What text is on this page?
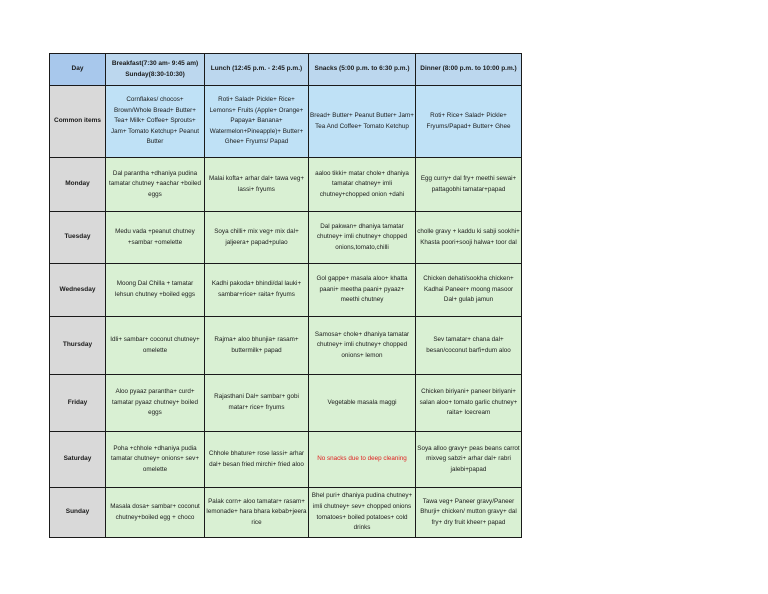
Day	Breakfast(7:30 am- 9:45 am) Sunday(8:30-10:30)	Lunch (12:45 p.m. - 2:45 p.m.)	Snacks (5:00 p.m. to 6:30 p.m.)	Dinner (8:00 p.m. to 10:00 p.m.)
Common items	Cornflakes/ chocos+ Brown/Whole Bread+ Butter+ Tea+ Milk+ Coffee+ Sprouts+ Jam+ Tomato Ketchup+ Peanut Butter	Roti+ Salad+ Pickle+ Rice+ Lemons+ Fruits (Apple+ Orange+ Papaya+ Banana+ Watermelon+Pineapple)+ Butter+ Ghee+ Fryums/ Papad	Bread+ Butter+ Peanut Butter+ Jam+ Tea And Coffee+ Tomato Ketchup	Roti+ Rice+ Salad+ Pickle+ Fryums/Papad+ Butter+ Ghee
Monday	Dal parantha +dhaniya pudina tamatar chutney +aachar +boiled eggs	Malai kofta+ arhar dal+ tawa veg+ lassi+ fryums	aaloo tikki+ matar chole+ dhaniya tamatar chatney+ imli chutney+chopped onion +dahi	Egg curry+ dal fry+ meethi sewai+ pattagobhi tamatar+papad
Tuesday	Medu vada +peanut chutney +sambar +omelette	Soya chilli+ mix veg+ mix dal+ jaljeera+ papad+pulao	Dal pakwan+ dhaniya tamatar chutney+ imli chutney+ chopped onions,tomato,chilli	cholle gravy + kaddu ki sabji sookhi+ Khasta poori+sooji halwa+ toor dal
Wednesday	Moong Dal Chilla + tamatar lehsun chutney +boiled eggs	Kadhi pakoda+ bhindi/dal lauki+ sambar+rice+ raita+ fryums	Gol gappe+ masala aloo+ khatta paani+ meetha paani+ pyaaz+ meethi chutney	Chicken dehati/sookha chicken+ Kadhai Paneer+ moong masoor Dal+ gulab jamun
Thursday	Idli+ sambar+ coconut chutney+ omelette	Rajma+ aloo bhunjia+ rasam+ buttermilk+ papad	Samosa+ chole+ dhaniya tamatar chutney+ imli chutney+ chopped onions+ lemon	Sev tamatar+ chana dal+ besan/coconut barfi+dum aloo
Friday	Aloo pyaaz parantha+ curd+ tamatar pyaaz chutney+ boiled eggs	Rajasthani Dal+ sambar+ gobi matar+ rice+ fryums	Vegetable masala maggi	Chicken biriyani+ paneer biriyani+ salan aloo+ tomato garlic chutney+ raita+ Icecream
Saturday	Poha +chhole +dhaniya pudia tamatar chutney+ onions+ sev+ omelette	Chhole bhature+ rose lassi+ arhar dal+ besan fried mirchi+ fried aloo	No snacks due to deep cleaning	Soya alloo gravy+ peas beans carrot mixveg sabzi+ arhar dal+ rabri jalebi+papad
Sunday	Masala dosa+ sambar+ coconut chutney+boiled egg + choco	Palak corn+ aloo tamatar+ rasam+ lemonade+ hara bhara kebab+jeera rice	Bhel puri+ dhaniya pudina chutney+ imli chutney+ sev+ chopped onions tomatoes+ boiled potatoes+ cold drinks	Tawa veg+ Paneer gravy/Paneer Bhurji+ chicken/ mutton gravy+ dal fry+ dry fruit kheer+ papad
